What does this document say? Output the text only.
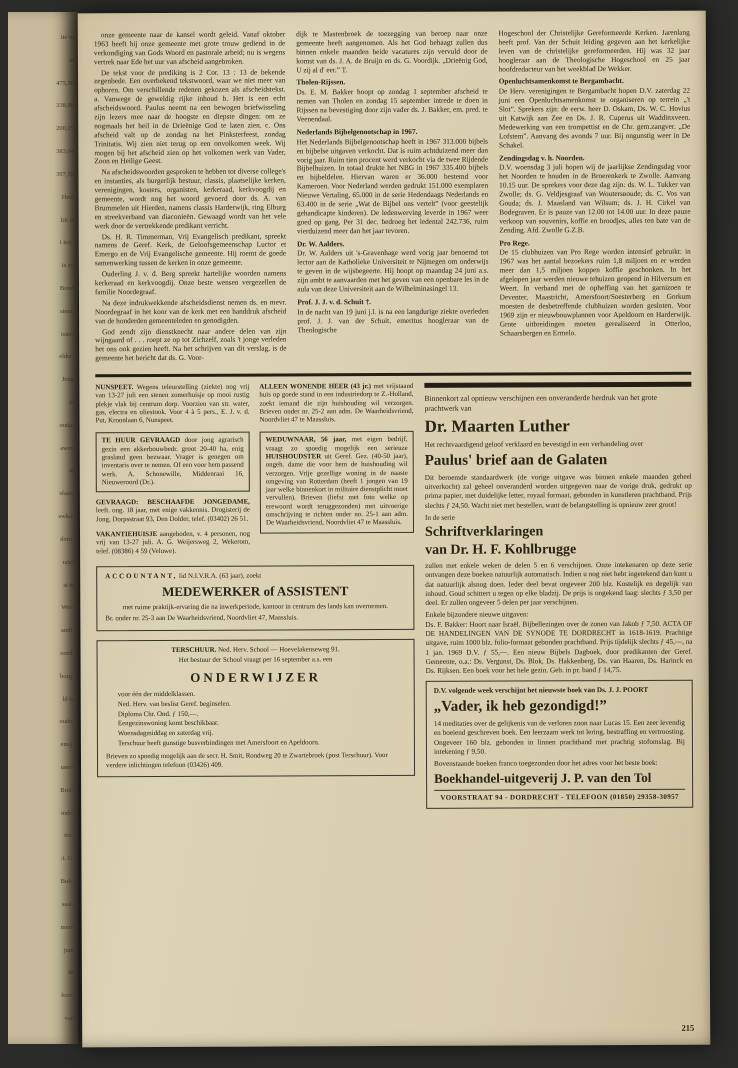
tie in
ie
475,50
338,80
200,25
383,04
397,59
Heel
lift is
i kor-
is zo
Bond
steur.
ister:
elder:
Jong
te
ouda;
awen
te
sfaar-
swka-
dorn:
ratel
st te
Wer-
andt:
oord:
borg-
ld te
oude;
emij:
unei-
Brui-
inde:
tee-
:t. G.
Bult-
saal-
men-
juni
de
foor-
van
onze gemeente naar de kansel wordt geleid. Vanaf oktober 1963 heeft hij onze gemeente met grote trouw gediend in de verkondiging van Gods Woord en pastorale arbeid; nu is wegens vertrek naar Ede het uur van afscheid aangebroken.
De tekst voor de prediking is 2 Cor. 13 : 13 de bekende zegenbede. Een overbekend tekstwoord, waar we niet meer van ophoren. Om verschillende redenen gekozen als afscheidstekst. a. Vanwege de geweldig rijke inhoud b. Het is een echt afscheidswoord. Paulus neemt na een bewogen briefwisseling zijn lezers mee naar de hoogste en diepste dingen: om ze nogmaals het heil in de Drieënige God te laten zien. c. Ons afscheid valt op de zondag na het Pinksterfeest, zondag Trinitatis. Wij zien niet terug op een onvolkomen week. Wij mogen bij het afscheid zien op het volkomen werk van Vader, Zoon en Heilige Geest.
Na afscheidswoorden gesproken te hebben tot diverse college's en instanties, als burgerlijk bestuur, classis, plaatselijke kerken, verenigingen, kosters, organisten, kerkeraad, kerkvoogdij en gemeente, wordt nog het woord gevoerd door ds. A. van Brummelen uit Hierden, namens classis Harderwijk, ring Elburg en streekverband van diaconieën. Gewaagd wordt van het vele werk door de vertrekkende predikant verricht.
Ds. H. R. Timmerman, Vrij Evangelisch predikant, spreekt namens de Geref. Kerk, de Geloofsgemeenschap Luctor et Emergo en de Vrij Evangelische gemeente. Hij roemt de goede samenwerking tussen de kerken in onze gemeente.
Ouderling J. v. d. Berg spreekt hartelijke woorden namens kerkeraad en kerkvoogdij. Onze beste wensen vergezellen de familie Noordegraaf.
Na deze indrukwekkende afscheidsdienst nemen ds. en mevr. Noordegraaf in het koor van de kerk met een handdruk afscheid van de honderden gemeenteleden en genodigden.
God zendt zijn dienstknecht naar andere delen van zijn wijngaard of . . . roept ze op tot Zichzelf, zoals 't jonge verleden het ons ook gezien heeft. Na het schrijven van dit verslag, is de gemeente het bericht dat ds. G. Voor-

dijk te Mastenbroek de toezegging van beroep naar onze gemeente heeft aangenomen. Als het God behaagt zullen dus binnen enkele maanden beide vacatures zijn vervuld door de komst van ds. J. A. de Bruijn en ds. G. Voordijk. „Drieënig God, U zij al d' eer.” T.

Tholen-Rijssen.

Ds. E. M. Bakker hoopt op zondag 1 september afscheid te nemen van Tholen en zondag 15 september intrede te doen in Rijssen na bevestiging door zijn vader ds. J. Bakker, em. pred. te Veenendaal.

Nederlands Bijbelgenootschap in 1967.

Het Nederlands Bijbelgenootschap heeft in 1967 313.000 bijbels en bijbelse uitgaven verkocht. Dat is ruim achtduizend meer dan vorig jaar. Ruim tien procent werd verkocht via de twee Rijdende Bijbelhuizen. In totaal drukte het NBG in 1967 335.400 bijbels en bijbeldelen. Hiervan waren er 36.000 bestemd voor Kameroen. Voor Nederland werden gedrukt 151.000 exemplaren Nieuwe Vertaling, 65.000 in de serie Hedendaags Nederlands en 63.400 in de serie „Wat de Bijbel ons vertelt” (voor geestelijk gehandicapte kinderen). De ledenwerving leverde in 1967 weer goed op gang. Per 31 dec. bedroeg het ledental 242.736, ruim vierduizend meer dan het jaar tevoren.

Dr. W. Aalders.

Dr. W. Aalders uit 's-Gravenhage werd vorig jaar benoemd tot lector aan de Katholieke Universiteit te Nijmegen om onderwijs te geven in de wijsbegeerte. Hij hoopt op maandag 24 juni a.s. zijn ambt te aanvaarden met het geven van een openbare les in de aula van deze Universiteit aan de Wilhelminasingel 13.

Prof. J. J. v. d. Schuit †.

In de nacht van 19 juni j.l. is na een langdurige ziekte overleden prof. J. J. van der Schuit, emeritus hoogleraar van de Theologische

Hogeschool der Christelijke Gereformeerde Kerken. Jarenlang heeft prof. Van der Schuit leiding gegeven aan het kerkelijke leven van de christelijke gereformeerden. Hij was 32 jaar hoogleraar aan de Theologische Hogeschool en 25 jaar hoofdredacteur van het weekblad De Wekker.

Openluchtsamenkomst te Bergambacht.

De Herv. verenigingen te Bergambacht hopen D.V. zaterdag 22 juni een Openluchtsamenkomst te organiseren op terrein „'t Slot”. Sprekers zijn: de eerw. heer D. Oskam, Ds. W. C. Hovius uit Katwijk aan Zee en Ds. J. R. Cuperus uit Waddinxveen. Medewerking van een trompettist en de Chr. gem.zangver. „De Lofstem”. Aanvang des avonds 7 uur. Bij ongunstig weer in De Schakel.

Zendingsdag v. h. Noorden.

D.V. woensdag 3 juli hopen wij de jaarlijkse Zendingsdag voor het Noorden te houden in de Broerenkerk te Zwolle. Aanvang 10.15 uur. De sprekers voor deze dag zijn: ds. W. L. Tukker van Zwolle; ds. G. Veldjesgraaf van Woutersвoude; ds. C. Vos van Gouda; ds. J. Maasland van Wilsum; ds. J. H. Cirkel van Bodegraven. Er is pauze van 12.00 tot 14.00 uur. In deze pauze verkoop van souvenirs, koffie en broodjes, alles ten bate van de Zending. Afd. Zwolle G.Z.B.

Pro Rege.

De 15 clubhuizen van Pro Rege worden intensief gebruikt: in 1967 was het aantal bezoekers ruim 1,8 miljoen en er werden meer dan 1,5 miljoen koppen koffie geschonken. In het afgelopen jaar werden nieuwe tehuizen geopend in Hilversum en Weert. In verband met de opheffing van het garnizoen te Deventer, Maastricht, Amersfoort/Soesterberg en Gorkum moesten de desbetreffende clubhuizen worden gesloten. Voor 1969 zijn er nieuwbouwplannen voor Apeldoorn en Harderwijk. Grote uitbreidingen moeten gerealiseerd in Otterloo, Schaarsbergen en Ermelo.

NUNSPEET. Wegens teleurstelling (ziekte) nog vrij van 13-27 juli een stenen zomerhuisje op mooi rustig plekje vlak bij centrum dorp. Voorzien van str. water, gas, electra en oliestook. Voor 4 à 5 pers., E. J. v. d. Put, Kroonlaan 6, Nunspeet.

TE HUUR GEVRAAGD door jong agrarisch gezin een akkerbouwbedr. groot 20-40 ha, enig grasland geen bezwaar. Vrager is genegen om inventaris over te nemen. Of een voor hem passend werk. A. Schonewille, Middenraai 16, Nieuweroord (Dr.).

GEVRAAGD: BESCHAAFDE JONGEDAME, leeft. ong. 18 jaar, met enige vakkennis. Drogisterij de Jong, Dorpsstraat 93, Den Dolder, telef. (03402) 26 51.

VAKANTIEHUISJE aangeboden, v. 4 personen, nog vrij van 13-27 juli. A. G. Weijersweg 2, Wekerom, telef. (08386) 4 59 (Veluwe).

ALLEEN WONENDE HEER (43 jr.) met vrijstaand huis op goede stand in een industriedorp te Z.-Holland, zoekt iemand die zijn huishouding wil verzorgen. Brieven onder nr. 25-2 aan adm. De Waarheidsvriend, Noordvliet 47 te Maassluis.

WEDUWNAAR, 56 jaar, met eigen bedrijf, vraagt zo spoedig mogelijk een serieuze HUISHOUDSTER uit Geref. Gez. (40-50 jaar), ongeh. dame die voor hem de huishouding wil verzorgen. Vrije gezellige woning in de naaste omgeving van Rotterdam (heeft 1 jongen van 19 jaar welke binnenkort in militaire dienstplicht moet vervullen). Brieven (liefst met foto welke op erewoord wordt teruggezonden) met uitvoerige omschrijving te richten onder no. 25-1 aan adm. De Waarheidsvriend, Noordvliet 47 te Maassluis.

ACCOUNTANT, lid N.I.V.R.A. (63 jaar), zoekt

MEDEWERKER of ASSISTENT

met ruime praktijk-ervaring die na inwerkperiode, kantoor in centrum des lands kan overnemen.

Br. onder nr. 25-3 aan De Waarheidsvriend, Noordvliet 47, Maassluis.

TERSCHUUR. Ned. Herv. School — Hoevelakenseweg 91.

Het bestuur der School vraagt per 16 september a.s. een

ONDERWIJZER
voor één der middelklassen.
Ned. Herv. van beslist Geref. beginselen.
Diploma Chr. Ond. ƒ 150,—.
Eengezinswoning komt beschikbaar.
Woensdagmiddag en zaterdag vrij.
Terschuur heeft gunstige busverbindingen met Amersfoort en Apeldoorn.

Brieven zo spoedig mogelijk aan de secr. H. Smit, Rondweg 20 te Zwartebroek (post Terschuur). Voor verdere inlichtingen telefoon (03426) 409.

Binnenkort zal opnieuw verschijnen een onveranderde herdruk van het grote prachtwerk van

Dr. Maarten Luther

Het rechtvaardigend geloof verklaard en bevestigd in een verhandeling over

Paulus' brief aan de Galaten

Dit beroemde standaardwerk (de vorige uitgave was binnen enkele maanden geheel uitverkocht) zal geheel onveranderd worden uitgegeven naar de vorige druk, gedrukt op prima papier, met duidelijke letter, royaal formaat, gebonden in kunstleren prachtband. Prijs slechts ƒ 24,50. Wacht niet met bestellen, want de belangstelling is opnieuw zeer groot!

In de serie

Schriftverklaringen
van Dr. H. F. Kohlbrugge

zullen met enkele weken de delen 5 en 6 verschijnen. Onze intekenaren op deze serie ontvangen deze boeken natuurlijk automatisch. Indien u nog niet hebt ingetekend dan kunt u dat natuurlijk alsnog doen. Ieder deel bevat ongeveer 200 blz. Kostelijk en degelijk van inhoud. Goud schittert u tegen op elke bladzij. De prijs is ongekend laag: slechts ƒ 3,50 per deel. Er zullen ongeveer 5 delen per jaar verschijnen.

Enkele bijzondere nieuwe uitgaven:

Ds. F. Bakker: Hoort naar Israël. Bijbellezingen over de zonen van Jakob ƒ 7,50. ACTA OF DE HANDELINGEN VAN DE SYNODE TE DORDRECHT in 1618-1619. Prachtige uitgave, ruim 1000 blz. folio-formaat gebonden prachtband. Prijs tijdelijk slechts ƒ 45,—, na 1 jan. 1969 D.V. ƒ 55,—. Een nieuw Bijbels Dagboek, door predikanten der Geref. Gemeente, o.a.: Ds. Vergunst, Ds. Blok, Ds. Hakkenberg, Ds. van Haaren, Ds. Harinck en Ds. Rijksen. Een boek voor het hele gezin. Geb. in pr. band ƒ 14,75.

D.V. volgende week verschijnt het nieuwste boek van Ds. J. J. POORT

„Vader, ik heb gezondigd!”

14 meditaties over de gelijkenis van de verloren zoon naar Lucas 15. Een zeer levendig en boeiend geschreven boek. Een leerzaam werk tot lering, bestraffing en vertroosting. Ongeveer 160 blz. gebonden in linnen prachtband met prachtig stofomslag. Bij intekening ƒ 9,50.

Bovenstaande boeken franco toegezonden door het adres voor het beste boek:

Boekhandel-uitgeverij J. P. van den Tol
VOORSTRAAT 94 - DORDRECHT - TELEFOON (01850) 29358-30957
215
